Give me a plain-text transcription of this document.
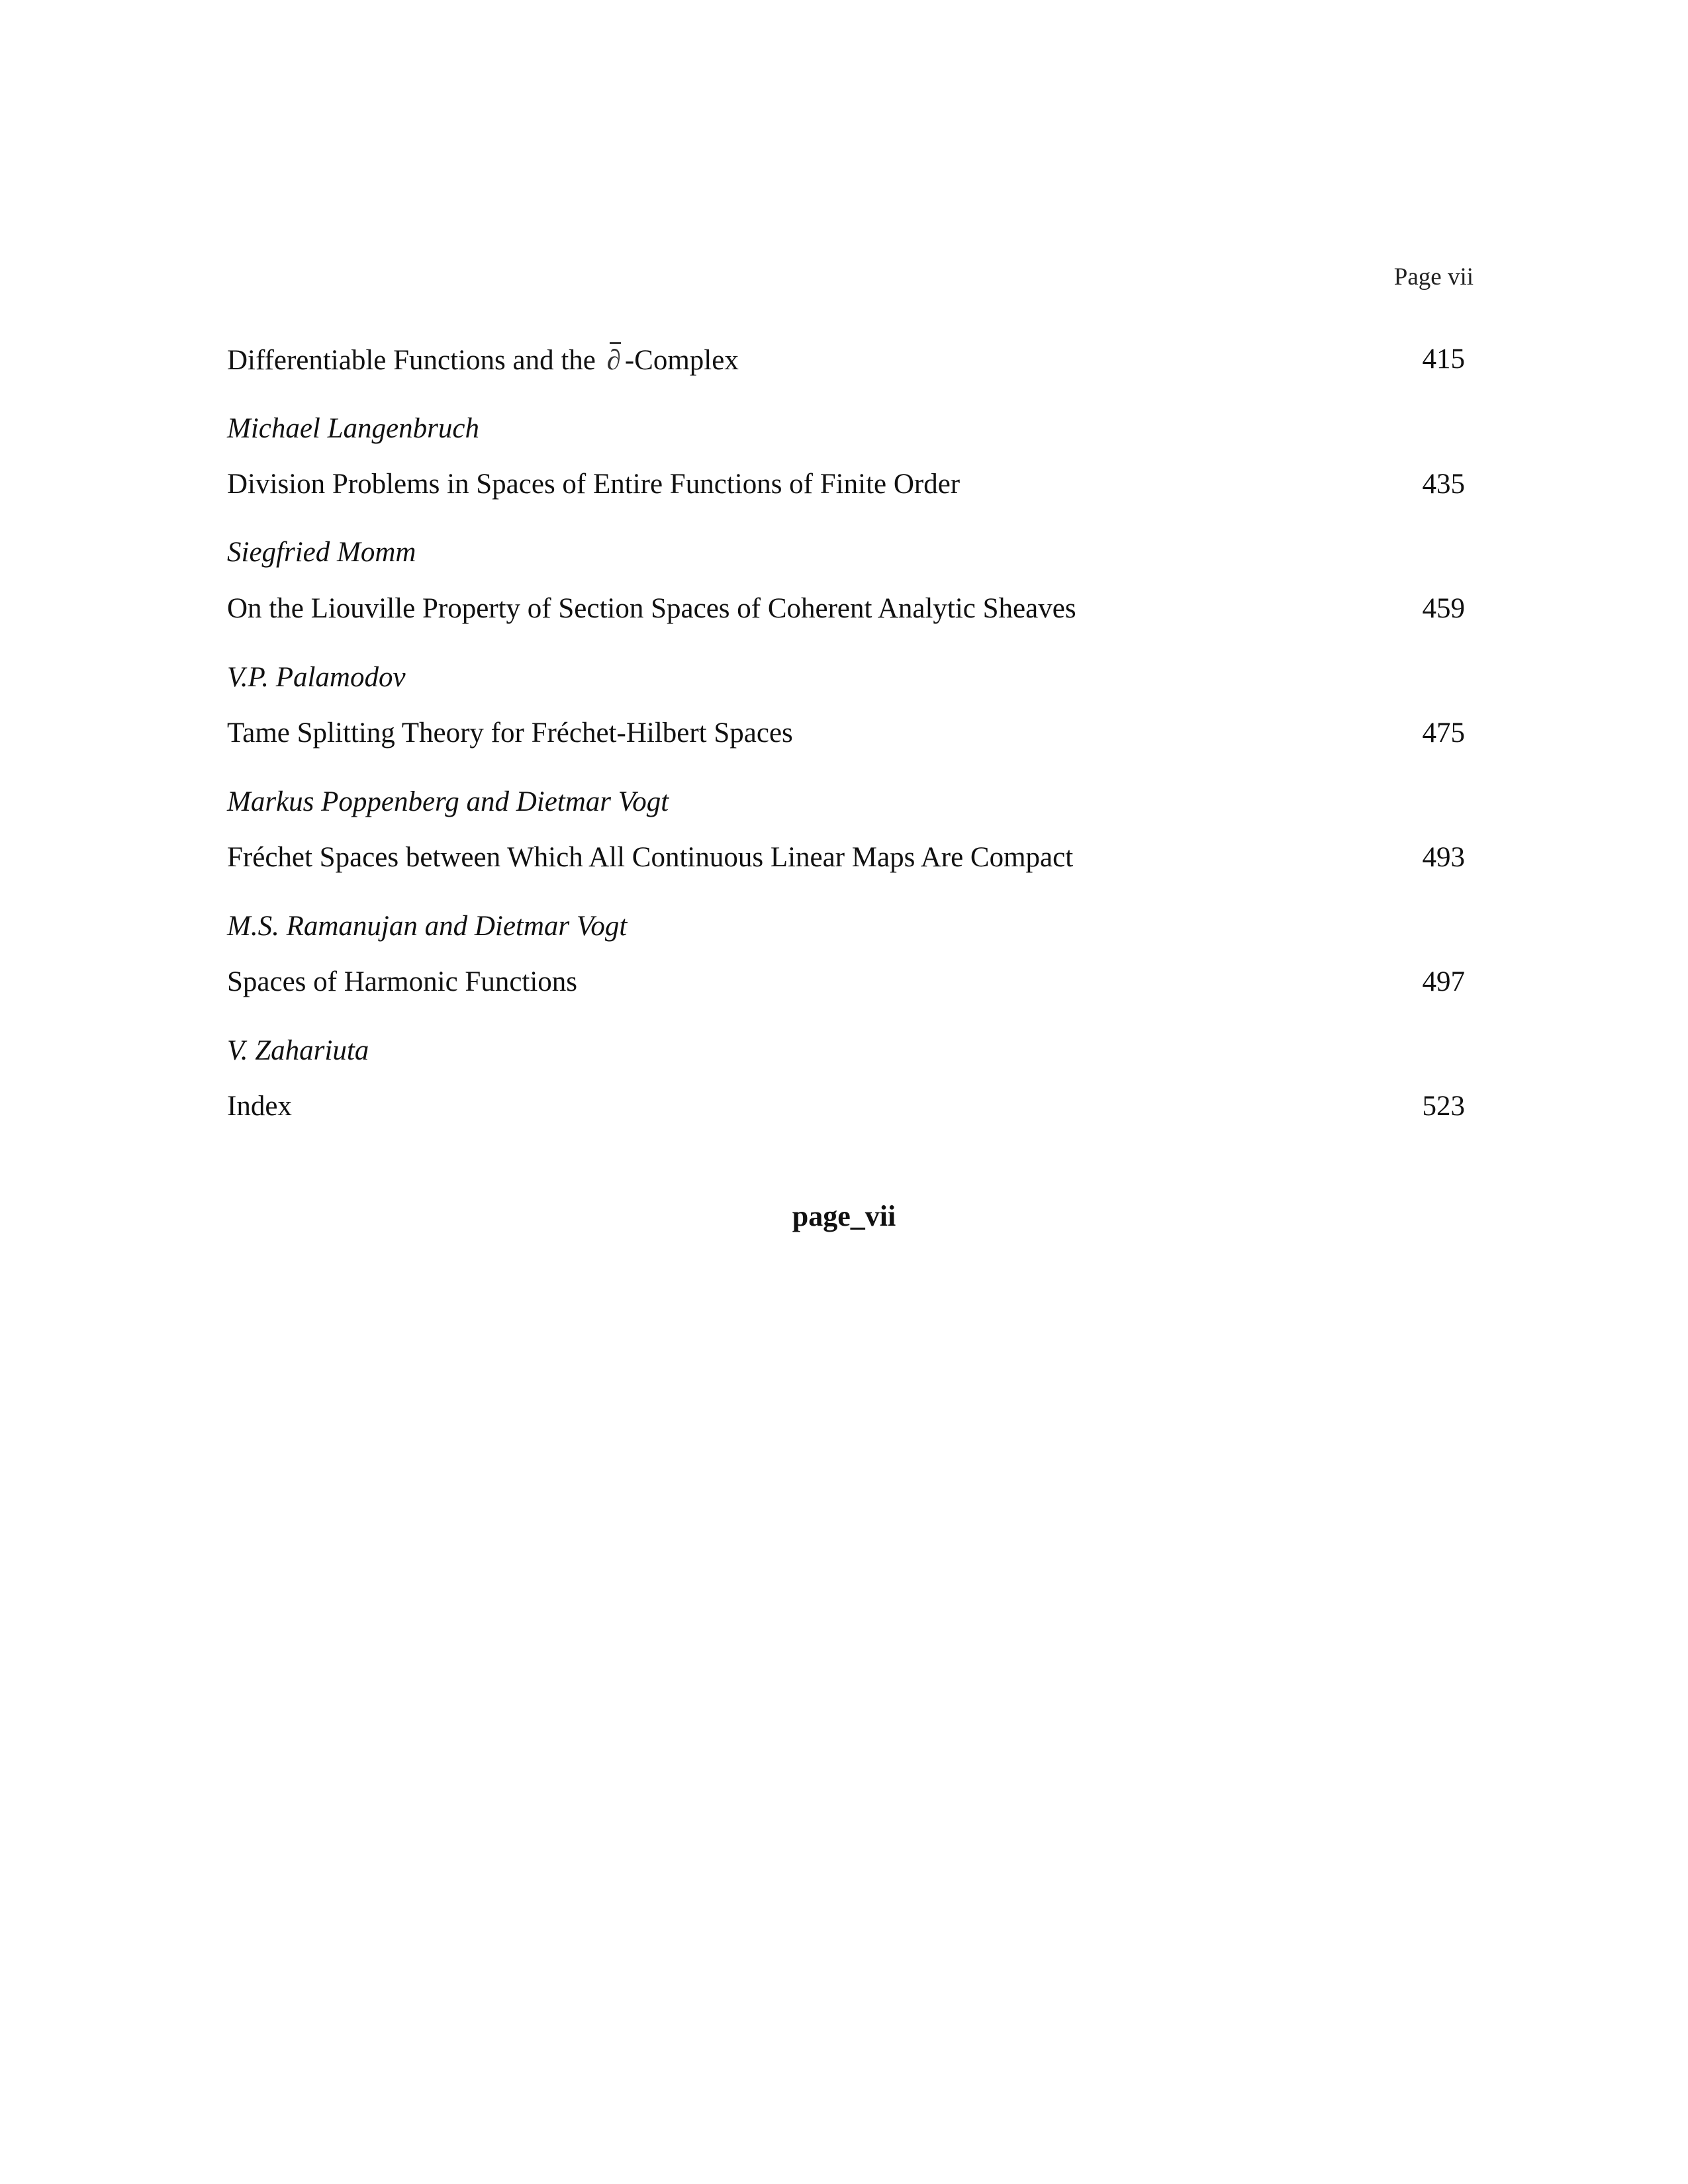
Page vii
Differentiable Functions and the ∂ -Complex	415
Michael Langenbruch
Division Problems in Spaces of Entire Functions of Finite Order	435
Siegfried Momm
On the Liouville Property of Section Spaces of Coherent Analytic Sheaves	459
V.P. Palamodov
Tame Splitting Theory for Fréchet-Hilbert Spaces	475
Markus Poppenberg and Dietmar Vogt
Fréchet Spaces between Which All Continuous Linear Maps Are Compact	493
M.S. Ramanujan and Dietmar Vogt
Spaces of Harmonic Functions	497
V. Zahariuta
Index	523
page_vii
